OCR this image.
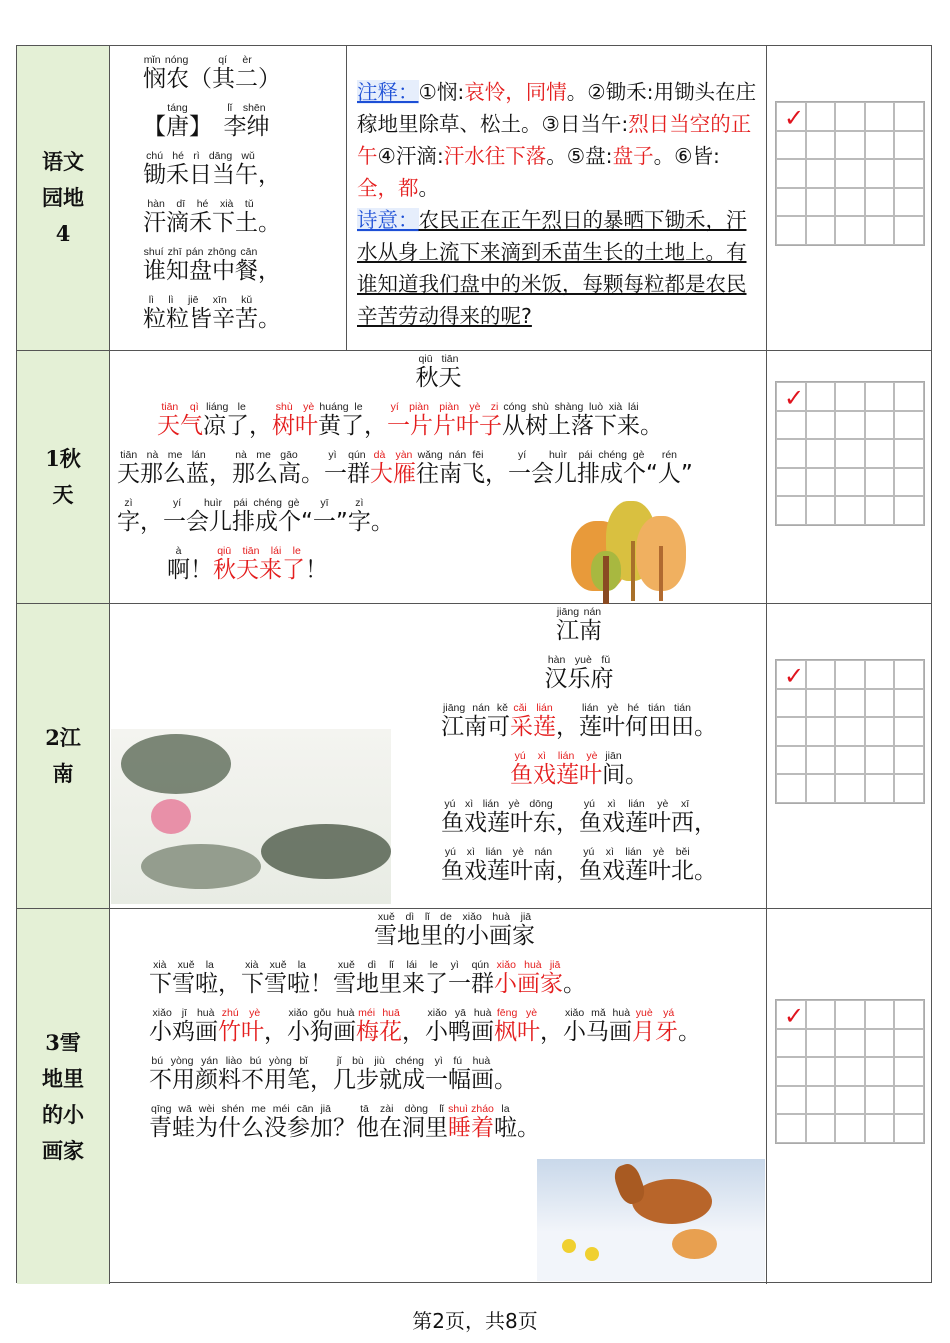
语文园地4
悯农mǐn nóng（其二qí èr）
【唐táng】　李绅lǐ shēn
锄禾日当午chú hé rì dāng wǔ，
汗滴禾下土hàn dī hé xià tǔ。
谁知盘中餐shuí zhī pán zhōng cān，
粒粒皆辛苦lì lì jiē xīn kǔ。
注释：①悯:哀怜，同情。②锄禾:用锄头在庄稼地里除草、松土。③日当午:烈日当空的正午④汗滴:汗水往下落。⑤盘:盘子。⑥皆:全，都。
诗意：农民正在正午烈日的暴晒下锄禾，汗水从身上流下来滴到禾苗生长的土地上。有谁知道我们盘中的米饭，每颗每粒都是农民辛苦劳动得来的呢?
✓
1秋天
秋天qiū tiān
天气tiān qì凉了liáng le，树叶shù yè黄了huáng le，一片片叶子yí piàn piàn yè zi从树上落下来cóng shù shàng luò xià lái。
天那么蓝tiān nà me lán，那么高nà me gāo。一群yì qún大雁dà yàn往南飞wǎng nán fēi，一会儿yí huìr排成个pái chéng gè“人rén”
字zì，一会儿yí huìr排成个pái chéng gè“一yī”字zì。
啊à！秋天来了qiū tiān lái le！
✓
2江南
江南jiāng nán
汉乐府hàn yuè fǔ
江南可jiāng nán kě采莲cǎi lián，莲叶何田田lián yè hé tián tián。
鱼戏莲叶yú xì lián yè间jiān。
鱼戏莲叶东yú xì lián yè dōng，鱼戏莲叶西yú xì lián yè xī，
鱼戏莲叶南yú xì lián yè nán，鱼戏莲叶北yú xì lián yè běi。
✓
3雪地里的小画家
雪地里的小画家xuě dì lǐ de xiǎo huà jiā
下雪啦xià xuě la，下雪啦xià xuě la！雪地里来了一群xuě dì lǐ lái le yì qún小画家xiǎo huà jiā。
小鸡画xiǎo jī huà竹叶zhú yè，小狗画xiǎo gǒu huà梅花méi huā，小鸭画xiǎo yā huà枫叶fēng yè，小马画xiǎo mǎ huà月牙yuè yá。
不用颜料不用笔bú yòng yán liào bú yòng bǐ，几步就成一幅画jǐ bù jiù chéng yì fú huà。
青蛙为什么没参加qīng wā wèi shén me méi cān jiā？他在洞里tā zài dòng lǐ睡着shuì zháo啦la。
✓
第2页，共8页
